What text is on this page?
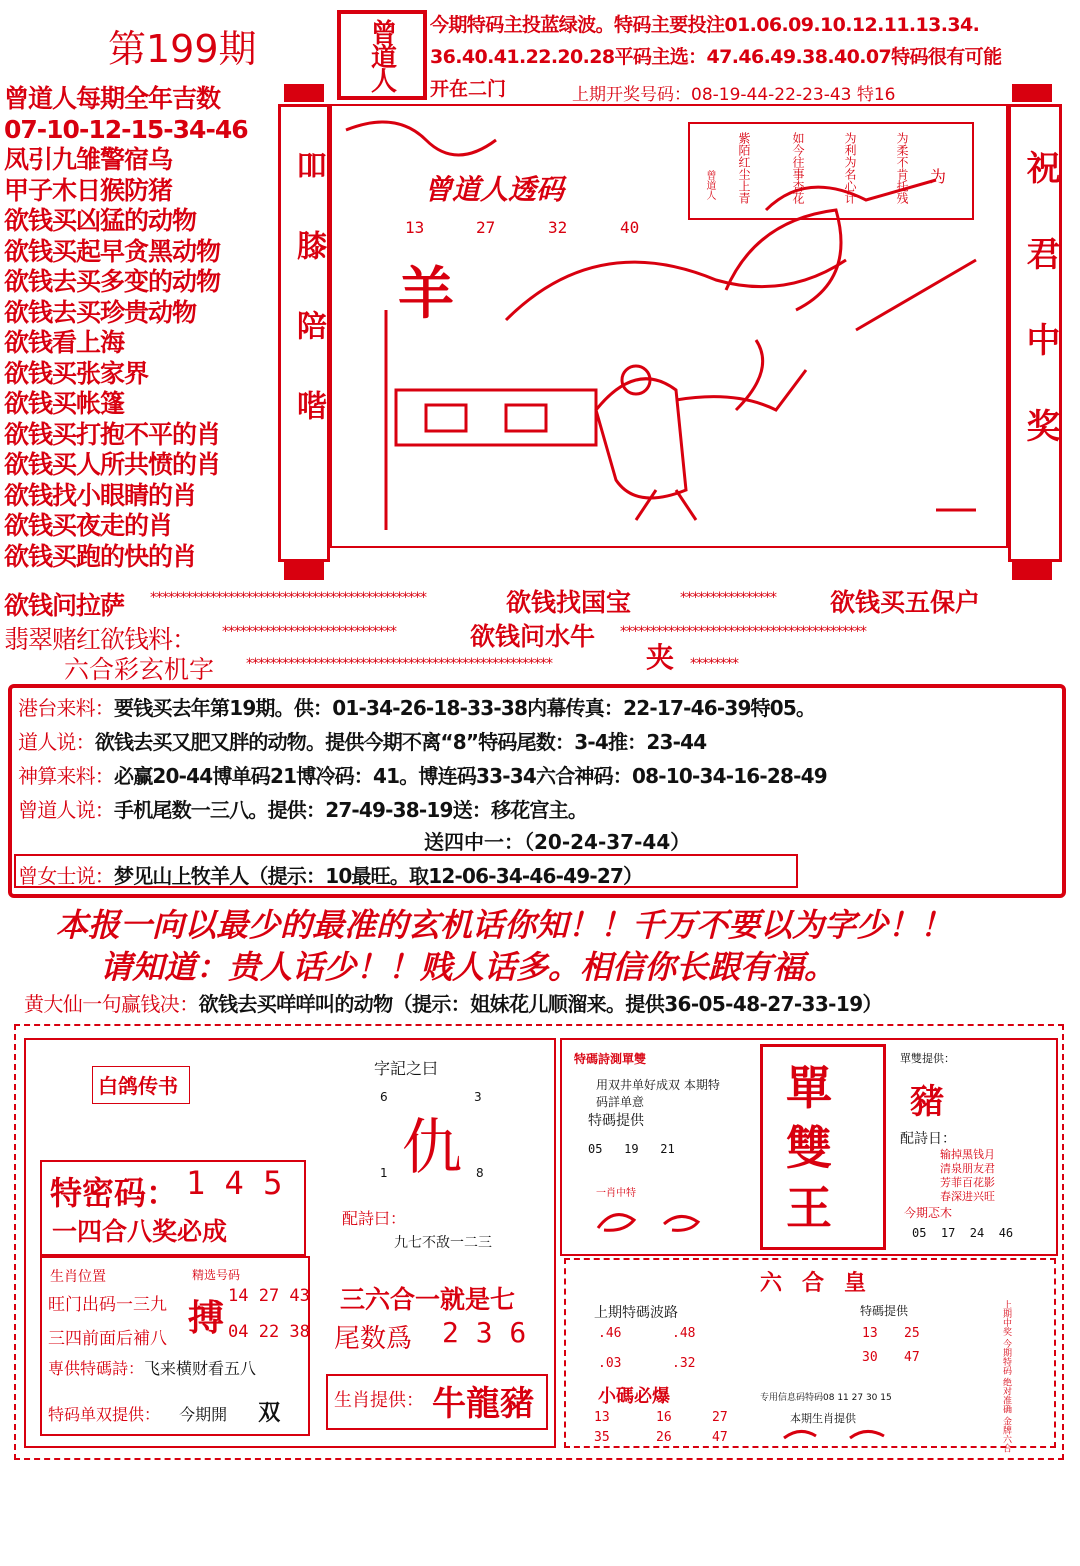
第199期	曾道人 今期特码主投蓝绿波。特码主要投注01.06.09.10.12.11.13.34.
36.40.41.22.20.28平码主选：47.46.49.38.40.07特码很有可能
开在二门	上期开奖号码：08-19-44-22-23-43 特16
曾道人每期全年吉数
07-10-12-15-34-46
凤引九雏警宿乌
甲子木日猴防猪
欲钱买凶猛的动物
欲钱买起早贪黑动物
欲钱去买多变的动物
欲钱去买珍贵动物
欲钱看上海
欲钱买张家界
欲钱买帐篷
欲钱买打抱不平的肖
欲钱买人所共愤的肖
欲钱找小眼睛的肖
欲钱买夜走的肖
欲钱买跑的快的肖
吅膝陪喈	祝君中奖
曾道人透码
13	27	32	40
羊
曾道人 紫陌红尘上青	如今往事杏花	为利为名心计	为柔不肯托残 为
欲钱问拉萨 **********************************************	欲钱找国宝	**************** 欲钱买五保户
翡翠赌红欲钱料： *****************************	欲钱问水牛 *****************************************
六合彩玄机字 ***************************************************	夹 ********
港台来料：要钱买去年第19期。供：01-34-26-18-33-38内幕传真：22-17-46-39特05。
道人说：欲钱去买又肥又胖的动物。提供今期不离“8”特码尾数：3-4推：23-44
神算来料：必赢20-44博单码21博冷码：41。博连码33-34六合神码：08-10-34-16-28-49
曾道人说：手机尾数一三八。提供：27-49-38-19送：移花宫主。
送四中一：（20-24-37-44）
曾女士说：梦见山上牧羊人（提示：10最旺。取12-06-34-46-49-27）
本报一向以最少的最准的玄机话你知！！千万不要以为字少！！
请知道：贵人话少！！贱人话多。相信你长跟有福。
黄大仙一句赢钱决：欲钱去买咩咩叫的动物（提示：姐妹花儿顺溜来。提供36-05-48-27-33-19）
白鸽传书
特密码： 1 4 5
一四合八奖必成
生肖位置
旺门出码一三九
三四前面后補八
精选号码
搏
14 27 43
04 22 38
専供特碼詩：飞来横财看五八
特码单双提供： 今期開 双
字記之曰
6	3
仇
1	8
配詩曰：
九七不敌一二三
三六合一就是七
尾数爲 2 3 6
生肖提供： 牛龍豬
特碼詩測單雙
用双井单好成双 本期特码詳单意
特碼提供
05   19   21
一肖中特
單
雙
王
單雙提供：
豬
配詩日：
输掉黑钱月
清泉朋友君
芳菲百花影
春深进兴旺
今期忑木
05  17  24  46
六合皇
上期特碼波路
.46	.48
.03	.32
小碼必爆
13	16	27
35	26	47
特碼提供
13 25
30 47
专用信息码特码08 11 27 30 15
本期生肖提供	上期中奖 今期特码 绝对准确 金牌六合
